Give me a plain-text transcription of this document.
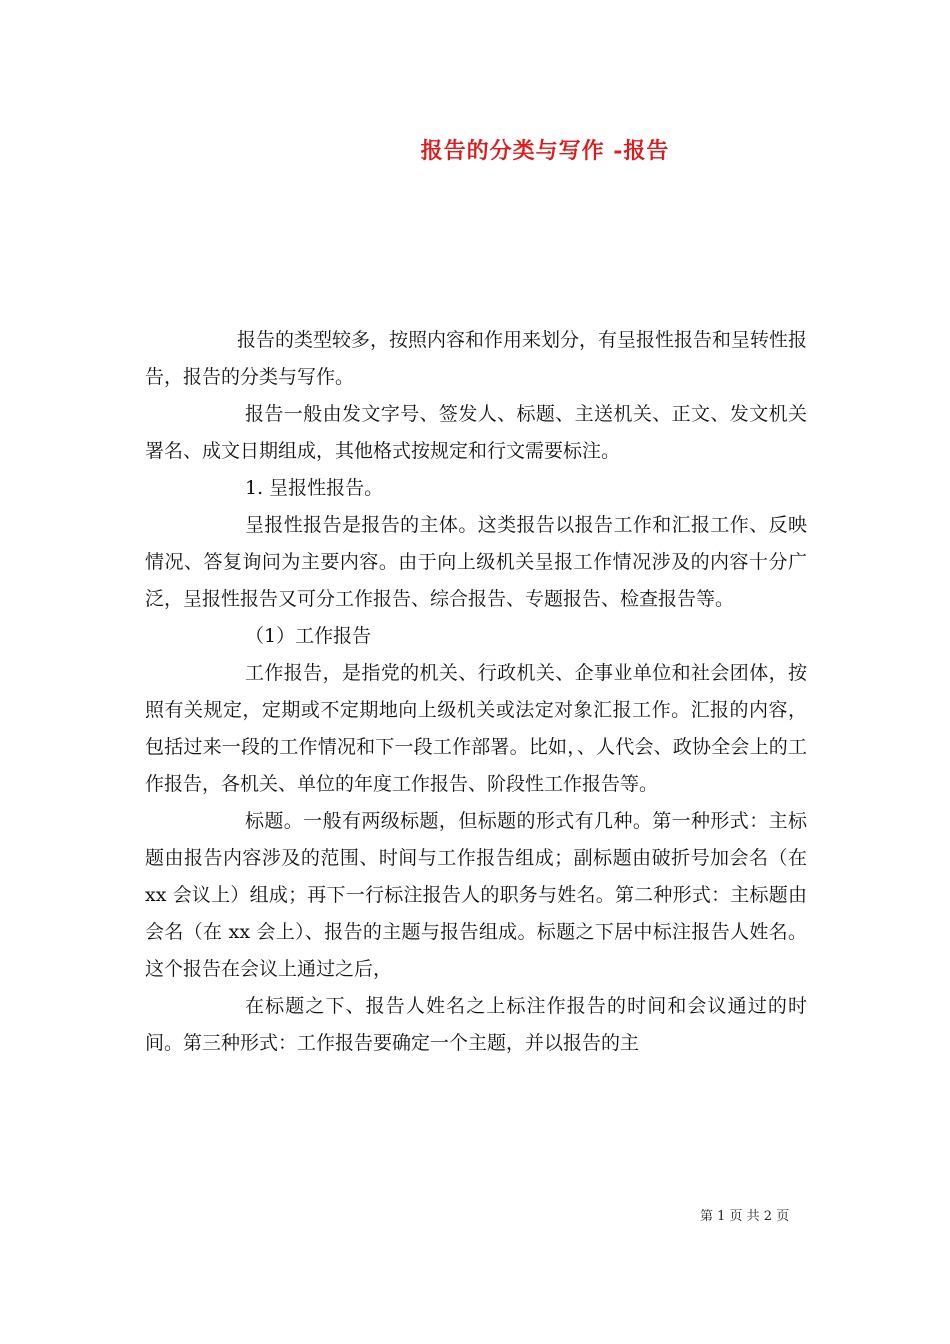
报告的分类与写作 -报告

报告的类型较多，按照内容和作用来划分，有呈报性报告和呈转性报告，报告的分类与写作。

报告一般由发文字号、签发人、标题、主送机关、正文、发文机关署名、成文日期组成，其他格式按规定和行文需要标注。

1. 呈报性报告。

呈报性报告是报告的主体。这类报告以报告工作和汇报工作、反映情况、答复询问为主要内容。由于向上级机关呈报工作情况涉及的内容十分广泛，呈报性报告又可分工作报告、综合报告、专题报告、检查报告等。

（1）工作报告

工作报告，是指党的机关、行政机关、企事业单位和社会团体，按照有关规定，定期或不定期地向上级机关或法定对象汇报工作。汇报的内容，包括过来一段的工作情况和下一段工作部署。比如，、人代会、政协全会上的工作报告，各机关、单位的年度工作报告、阶段性工作报告等。

标题。一般有两级标题，但标题的形式有几种。第一种形式：主标题由报告内容涉及的范围、时间与工作报告组成；副标题由破折号加会名（在 xx 会议上）组成；再下一行标注报告人的职务与姓名。第二种形式：主标题由会名（在 xx 会上）、报告的主题与报告组成。标题之下居中标注报告人姓名。这个报告在会议上通过之后，

在标题之下、报告人姓名之上标注作报告的时间和会议通过的时间。第三种形式：工作报告要确定一个主题，并以报告的主

第 1 页 共 2 页
